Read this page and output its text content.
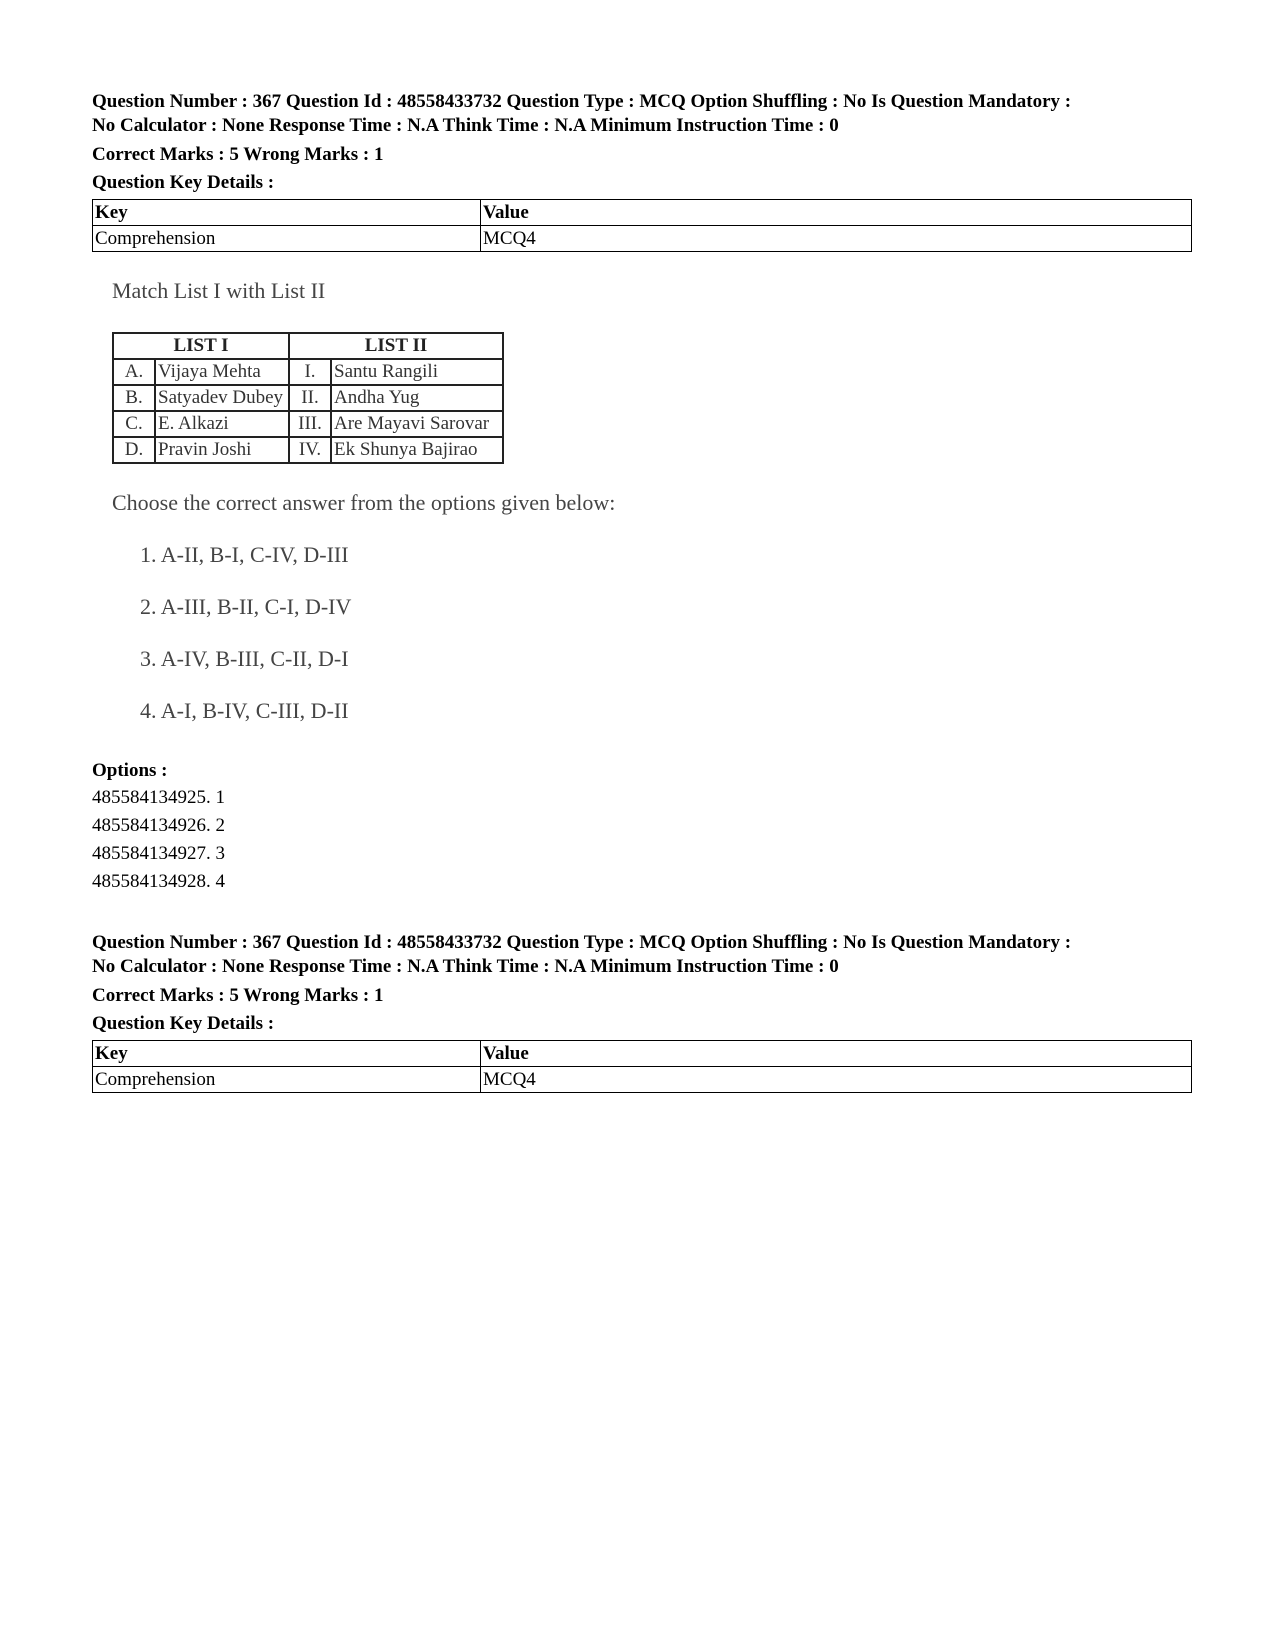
Question Number : 367 Question Id : 48558433732 Question Type : MCQ Option Shuffling : No Is Question Mandatory :
No Calculator : None Response Time : N.A Think Time : N.A Minimum Instruction Time : 0
Correct Marks : 5 Wrong Marks : 1
Question Key Details :
Key	Value
Comprehension	MCQ4

Match List I with List II

LIST I		LIST II	
A.	Vijaya Mehta	I.	Santu Rangili
B.	Satyadev Dubey	II.	Andha Yug
C.	E. Alkazi	III.	Are Mayavi Sarovar
D.	Pravin Joshi	IV.	Ek Shunya Bajirao

Choose the correct answer from the options given below:

1. A-II, B-I, C-IV, D-III

2. A-III, B-II, C-I, D-IV

3. A-IV, B-III, C-II, D-I

4. A-I, B-IV, C-III, D-II

Options :
485584134925. 1
485584134926. 2
485584134927. 3
485584134928. 4
Question Number : 367 Question Id : 48558433732 Question Type : MCQ Option Shuffling : No Is Question Mandatory :
No Calculator : None Response Time : N.A Think Time : N.A Minimum Instruction Time : 0
Correct Marks : 5 Wrong Marks : 1
Question Key Details :
Key	Value
Comprehension	MCQ4
